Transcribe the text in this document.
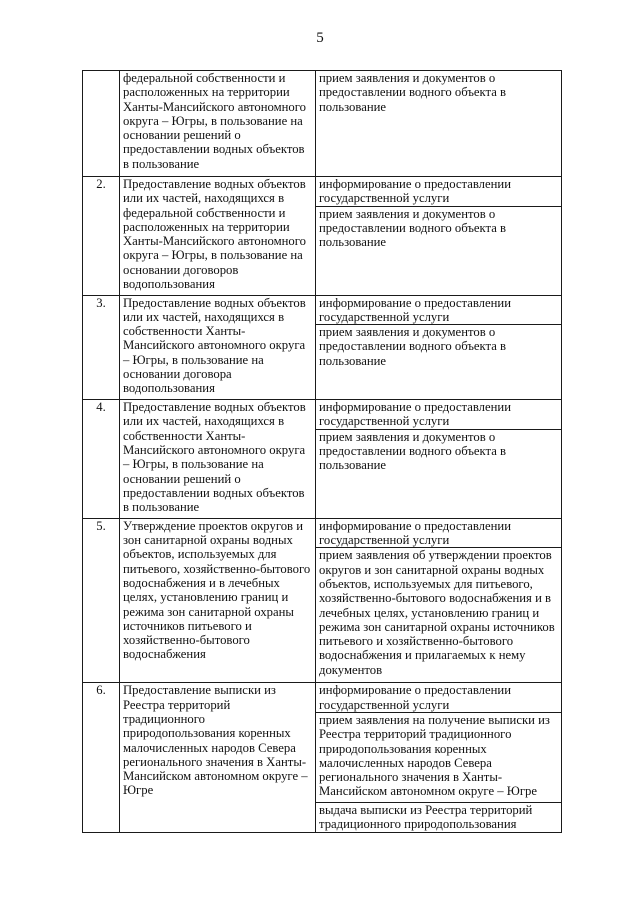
5
	федеральной собственности и расположенных на территории Ханты-Мансийского автономного округа – Югры, в пользование на основании решений о предоставлении водных объектов в пользование	прием заявления и документов о предоставлении водного объекта в пользование
2.	Предоставление водных объектов или их частей, находящихся в федеральной собственности и расположенных на территории Ханты-Мансийского автономного округа – Югры, в пользование на основании договоров водопользования	информирование о предоставлении государственной услуги
		прием заявления и документов о предоставлении водного объекта в пользование
3.	Предоставление водных объектов или их частей, находящихся в собственности Ханты-Мансийского автономного округа – Югры, в пользование на основании договора водопользования	информирование о предоставлении государственной услуги
		прием заявления и документов о предоставлении водного объекта в пользование
4.	Предоставление водных объектов или их частей, находящихся в собственности Ханты-Мансийского автономного округа – Югры, в пользование на основании решений о предоставлении водных объектов в пользование	информирование о предоставлении государственной услуги
		прием заявления и документов о предоставлении водного объекта в пользование
5.	Утверждение проектов округов и зон санитарной охраны водных объектов, используемых для питьевого, хозяйственно-бытового водоснабжения и в лечебных целях, установлению границ и режима зон санитарной охраны источников питьевого и хозяйственно-бытового водоснабжения	информирование о предоставлении государственной услуги
		прием заявления об утверждении проектов округов и зон санитарной охраны водных объектов, используемых для питьевого, хозяйственно-бытового водоснабжения и в лечебных целях, установлению границ и режима зон санитарной охраны источников питьевого и хозяйственно-бытового водоснабжения и прилагаемых к нему документов
6.	Предоставление выписки из Реестра территорий традиционного природопользования коренных малочисленных народов Севера регионального значения в Ханты-Мансийском автономном округе – Югре	информирование о предоставлении государственной услуги
		прием заявления на получение выписки из Реестра территорий традиционного природопользования коренных малочисленных народов Севера регионального значения в Ханты-Мансийском автономном округе – Югре
		выдача выписки из Реестра территорий традиционного природопользования
